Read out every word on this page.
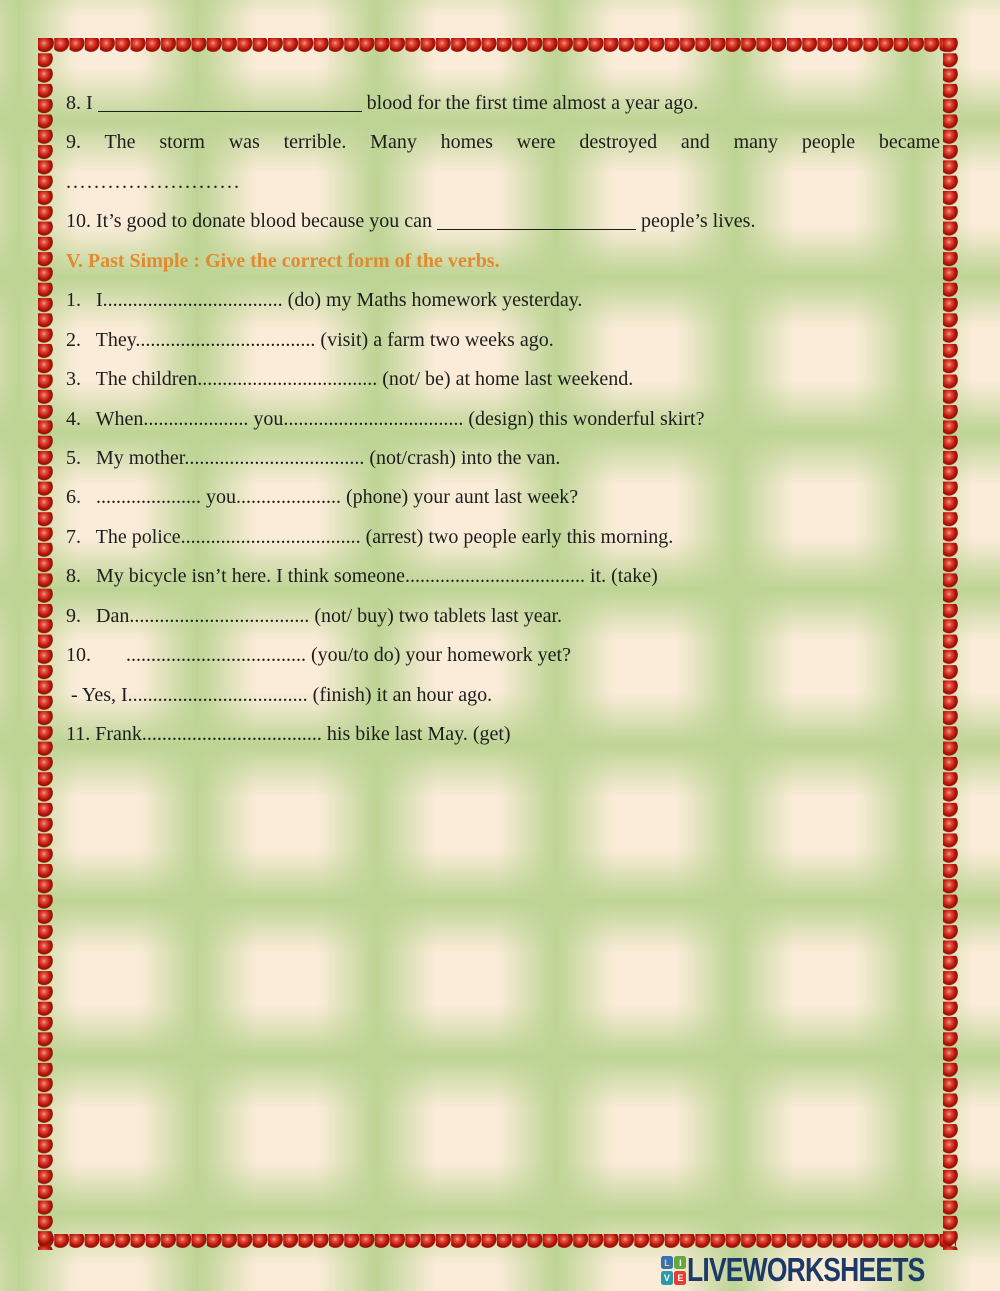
8. I	blood for the first time almost a year ago.
9. The storm was terrible. Many homes were destroyed and many people became
.........................
10. It’s good to donate blood because you can	people’s lives.
V. Past Simple : Give the correct form of the verbs.
1.   I.................................... (do) my Maths homework yesterday.
2.   They.................................... (visit) a farm two weeks ago.
3.   The children.................................... (not/ be) at home last weekend.
4.   When..................... you.................................... (design) this wonderful skirt?
5.   My mother.................................... (not/crash) into the van.
6.   ..................... you..................... (phone) your aunt last week?
7.   The police.................................... (arrest) two people early this morning.
8.   My bicycle isn’t here. I think someone.................................... it. (take)
9.   Dan.................................... (not/ buy) two tablets last year.
10.       .................................... (you/to do) your homework yet?
- Yes, I.................................... (finish) it an hour ago.
11. Frank.................................... his bike last May. (get)
L	I
V E LIVEWORKSHEETS
